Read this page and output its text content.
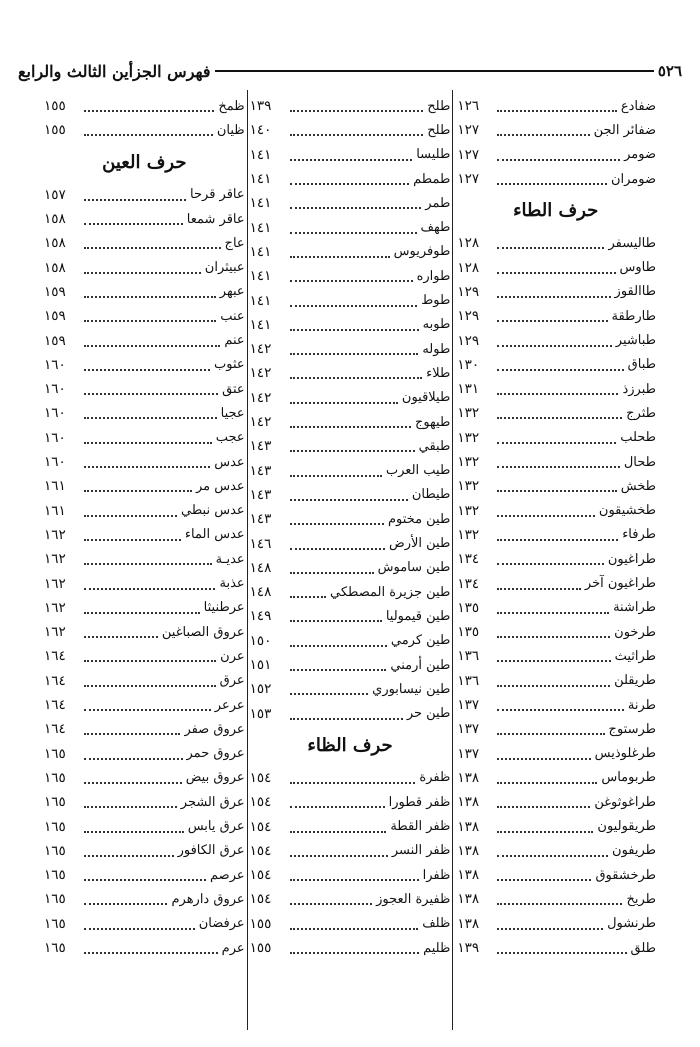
٥٢٦
فهرس الجزأين الثالث والرابع
ضفادع
١٢٦
ضفائر الجن
١٢٧
ضومر
١٢٧
ضومران
١٢٧
حرف الطاء
طاليسفر
١٢٨
طاوس
١٢٨
طاالقوز
١٢٩
طارطقة
١٢٩
طباشير
١٢٩
طباق
١٣٠
طبرزذ
١٣١
طثرج
١٣٢
طحلب
١٣٢
طحال
١٣٢
طخش
١٣٢
طخشيقون
١٣٢
طرفاء
١٣٢
طراغيون
١٣٤
طراغيون آخر
١٣٤
طراشنة
١٣٥
طرخون
١٣٥
طراثيث
١٣٦
طريقلن
١٣٦
طرنة
١٣٧
طرستوج
١٣٧
طرغلوذيس
١٣٧
طربوماس
١٣٨
طراغوثوغن
١٣٨
طريقوليون
١٣٨
طريفون
١٣٨
طرخشقوق
١٣٨
طريخ
١٣٨
طرنشول
١٣٨
طلق
١٣٩
طلح
١٣٩
طلح
١٤٠
طليسا
١٤١
طمطم
١٤١
طمر
١٤١
طهف
١٤١
طوفريوس
١٤١
طواره
١٤١
طوط
١٤١
طوبه
١٤١
طوله
١٤٢
طلاء
١٤٢
طيلاقيون
١٤٢
طيهوج
١٤٢
طبقي
١٤٣
طيب العرب
١٤٣
طيطان
١٤٣
طين مختوم
١٤٣
طين الأرض
١٤٦
طين ساموش
١٤٨
طين جزيرة المصطكي
١٤٨
طين قيموليا
١٤٩
طين كرمي
١٥٠
طين أرمني
١٥١
طين نيسابوري
١٥٢
طين حر
١٥٣
حرف الظاء
ظفرة
١٥٤
ظفر قطورا
١٥٤
ظفر القطة
١٥٤
ظفر النسر
١٥٤
ظفرا
١٥٤
ظفيرة العجوز
١٥٤
ظلف
١٥٥
ظليم
١٥٥
ظمخ
١٥٥
ظيان
١٥٥
حرف العين
عاقر قرحا
١٥٧
عاقر شمعا
١٥٨
عاج
١٥٨
عبيثران
١٥٨
عبهر
١٥٩
عنب
١٥٩
عنم
١٥٩
عثوب
١٦٠
عتق
١٦٠
عجيا
١٦٠
عجب
١٦٠
عدس
١٦٠
عدس مر
١٦١
عدس نبطي
١٦١
عدس الماء
١٦٢
عديـة
١٦٢
عذبة
١٦٢
عرطنيثا
١٦٢
عروق الصباغين
١٦٢
عرن
١٦٤
عرق
١٦٤
عرعر
١٦٤
عروق صفر
١٦٤
عروق حمر
١٦٥
عروق بيض
١٦٥
عرق الشجر
١٦٥
عرق يابس
١٦٥
عرق الكافور
١٦٥
عرصم
١٦٥
عروق دارهرم
١٦٥
عرفضان
١٦٥
عرم
١٦٥
